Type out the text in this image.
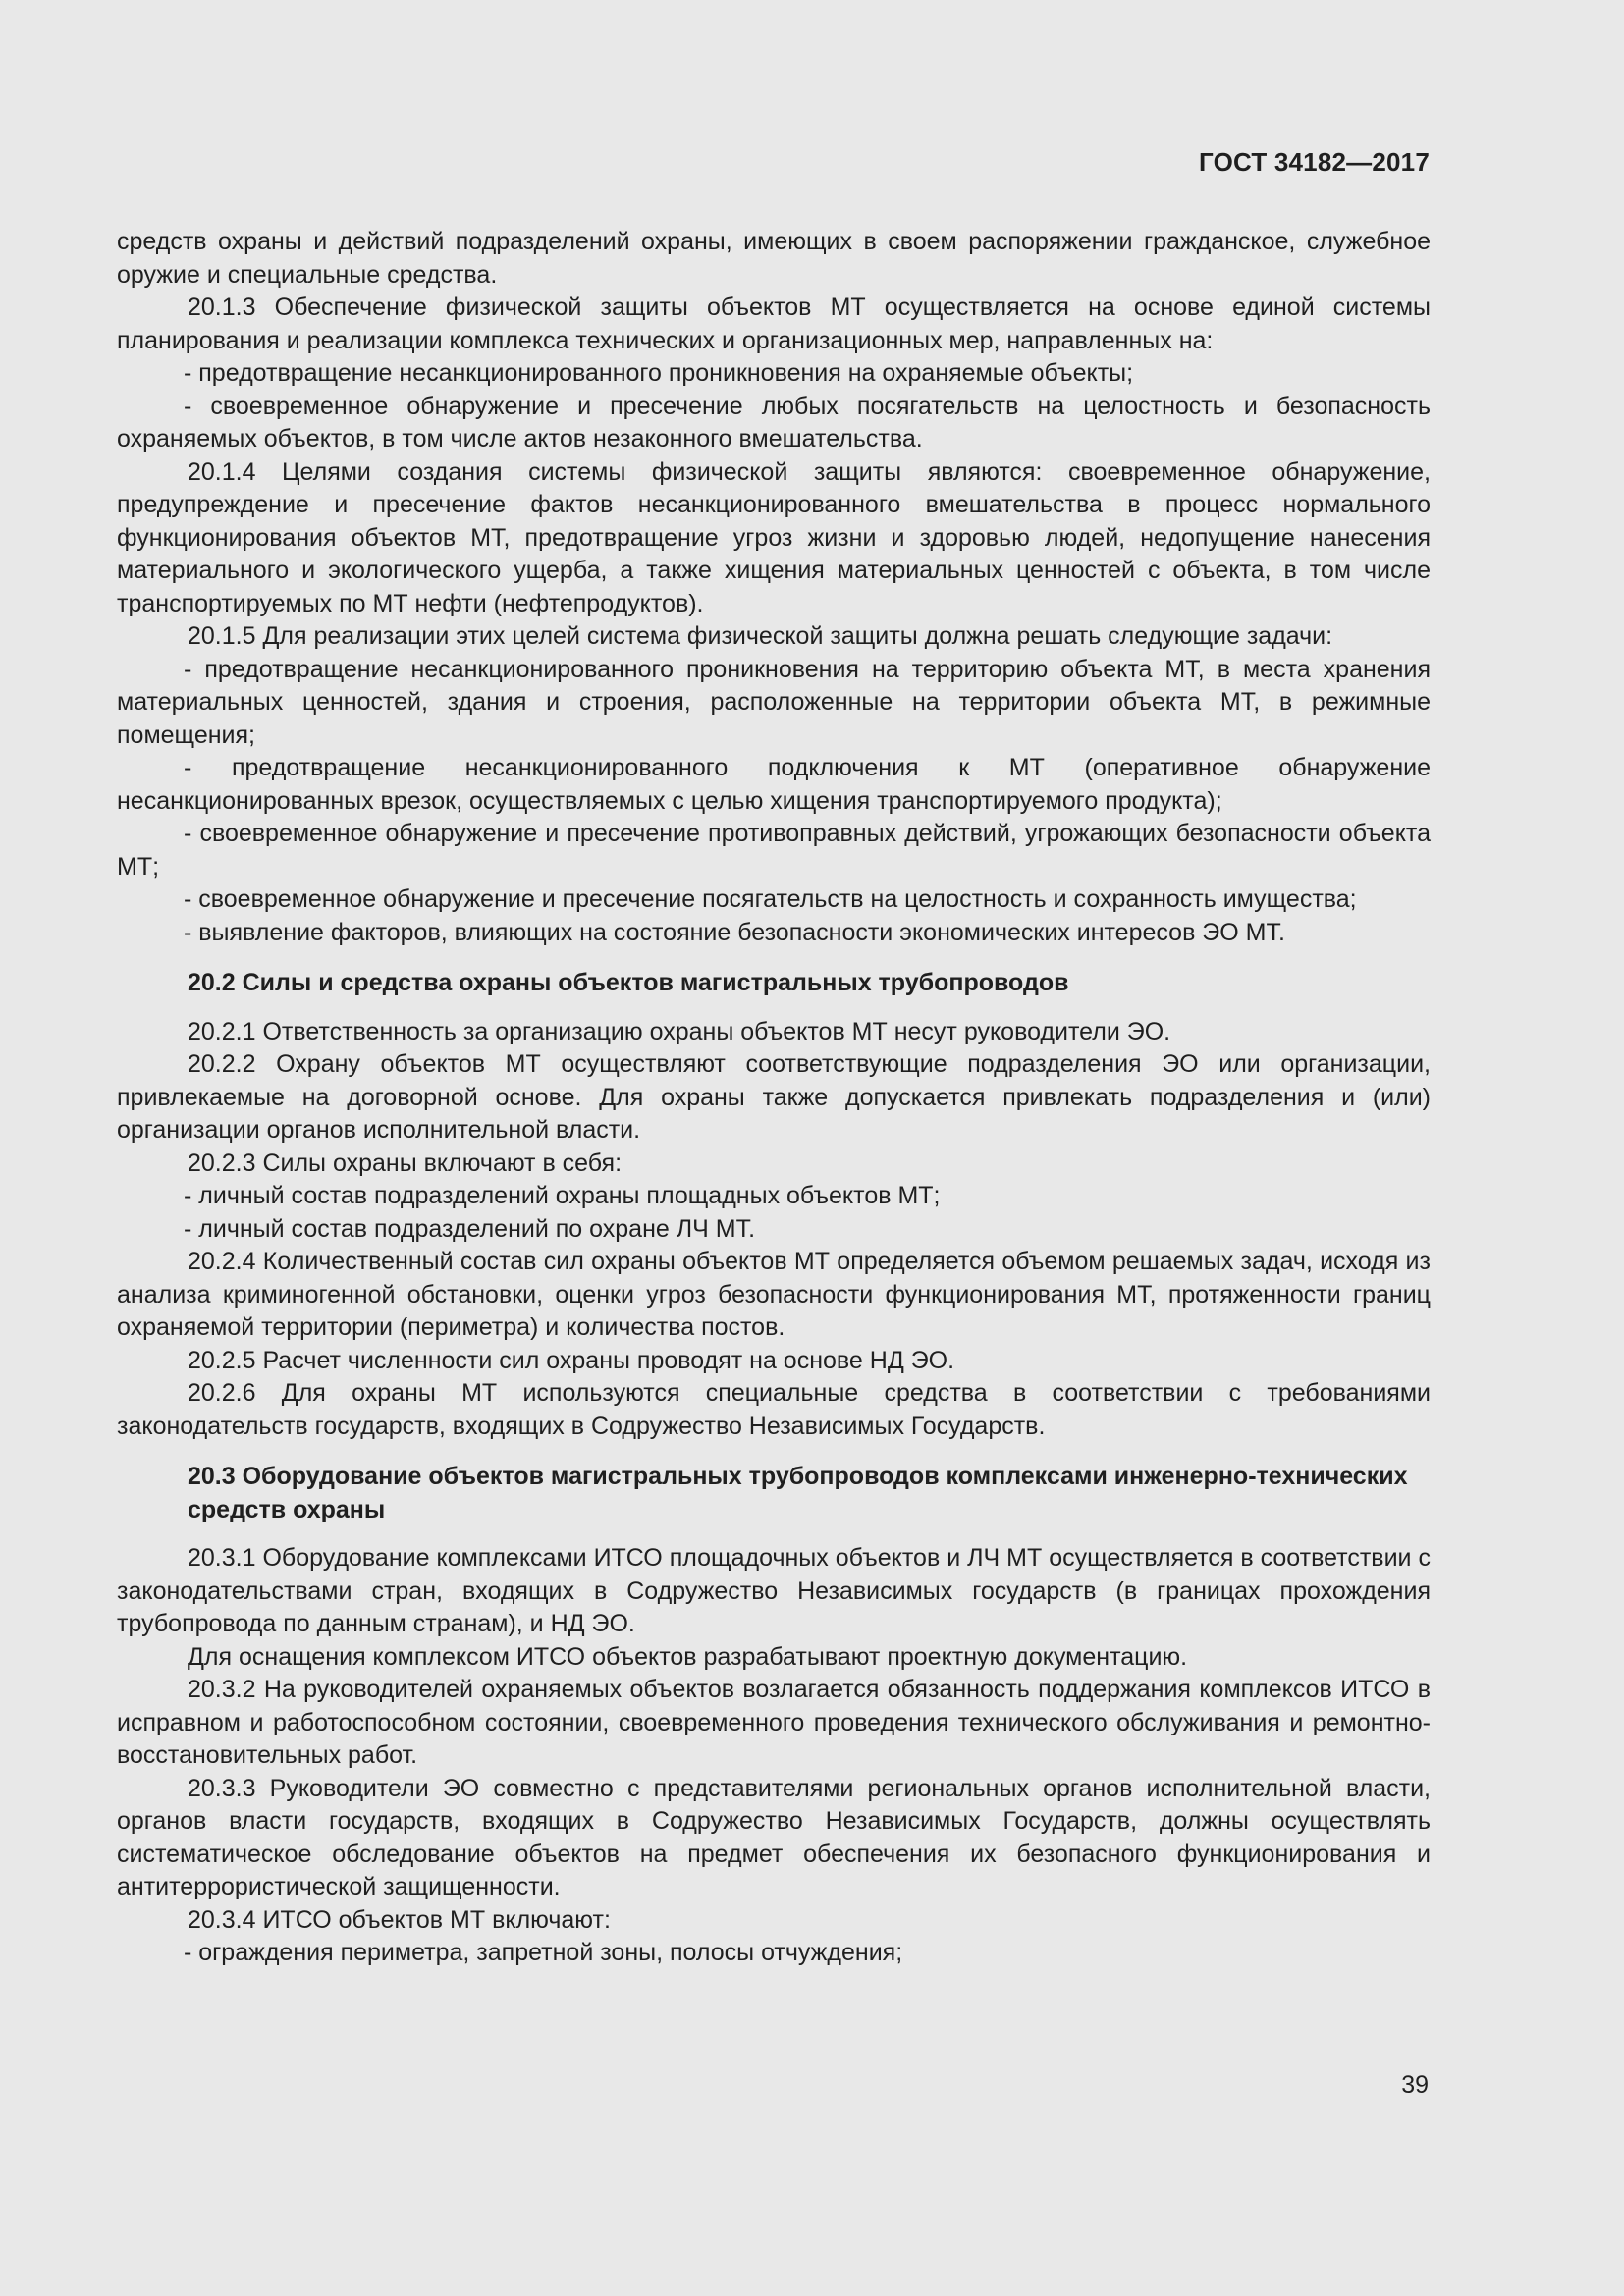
ГОСТ 34182—2017

средств охраны и действий подразделений охраны, имеющих в своем распоряжении гражданское, служебное оружие и специальные средства.

20.1.3 Обеспечение физической защиты объектов МТ осуществляется на основе единой системы планирования и реализации комплекса технических и организационных мер, направленных на:

- предотвращение несанкционированного проникновения на охраняемые объекты;

- своевременное обнаружение и пресечение любых посягательств на целостность и безопасность охраняемых объектов, в том числе актов незаконного вмешательства.

20.1.4 Целями создания системы физической защиты являются: своевременное обнаружение, предупреждение и пресечение фактов несанкционированного вмешательства в процесс нормального функционирования объектов МТ, предотвращение угроз жизни и здоровью людей, недопущение нанесения материального и экологического ущерба, а также хищения материальных ценностей с объекта, в том числе транспортируемых по МТ нефти (нефтепродуктов).

20.1.5 Для реализации этих целей система физической защиты должна решать следующие задачи:

- предотвращение несанкционированного проникновения на территорию объекта МТ, в места хранения материальных ценностей, здания и строения, расположенные на территории объекта МТ, в режимные помещения;

- предотвращение несанкционированного подключения к МТ (оперативное обнаружение несанкционированных врезок, осуществляемых с целью хищения транспортируемого продукта);

- своевременное обнаружение и пресечение противоправных действий, угрожающих безопасности объекта МТ;

- своевременное обнаружение и пресечение посягательств на целостность и сохранность имущества;

- выявление факторов, влияющих на состояние безопасности экономических интересов ЭО МТ.

20.2 Силы и средства охраны объектов магистральных трубопроводов

20.2.1 Ответственность за организацию охраны объектов МТ несут руководители ЭО.

20.2.2 Охрану объектов МТ осуществляют соответствующие подразделения ЭО или организации, привлекаемые на договорной основе. Для охраны также допускается привлекать подразделения и (или) организации органов исполнительной власти.

20.2.3 Силы охраны включают в себя:

- личный состав подразделений охраны площадных объектов МТ;

- личный состав подразделений по охране ЛЧ МТ.

20.2.4 Количественный состав сил охраны объектов МТ определяется объемом решаемых задач, исходя из анализа криминогенной обстановки, оценки угроз безопасности функционирования МТ, протяженности границ охраняемой территории (периметра) и количества постов.

20.2.5 Расчет численности сил охраны проводят на основе НД ЭО.

20.2.6 Для охраны МТ используются специальные средства в соответствии с требованиями законодательств государств, входящих в Содружество Независимых Государств.

20.3 Оборудование объектов магистральных трубопроводов комплексами инженерно-технических средств охраны

20.3.1 Оборудование комплексами ИТСО площадочных объектов и ЛЧ МТ осуществляется в соответствии с законодательствами стран, входящих в Содружество Независимых государств (в границах прохождения трубопровода по данным странам), и НД ЭО.

Для оснащения комплексом ИТСО объектов разрабатывают проектную документацию.

20.3.2 На руководителей охраняемых объектов возлагается обязанность поддержания комплексов ИТСО в исправном и работоспособном состоянии, своевременного проведения технического обслуживания и ремонтно-восстановительных работ.

20.3.3 Руководители ЭО совместно с представителями региональных органов исполнительной власти, органов власти государств, входящих в Содружество Независимых Государств, должны осуществлять систематическое обследование объектов на предмет обеспечения их безопасного функционирования и антитеррористической защищенности.

20.3.4 ИТСО объектов МТ включают:

- ограждения периметра, запретной зоны, полосы отчуждения;

39
